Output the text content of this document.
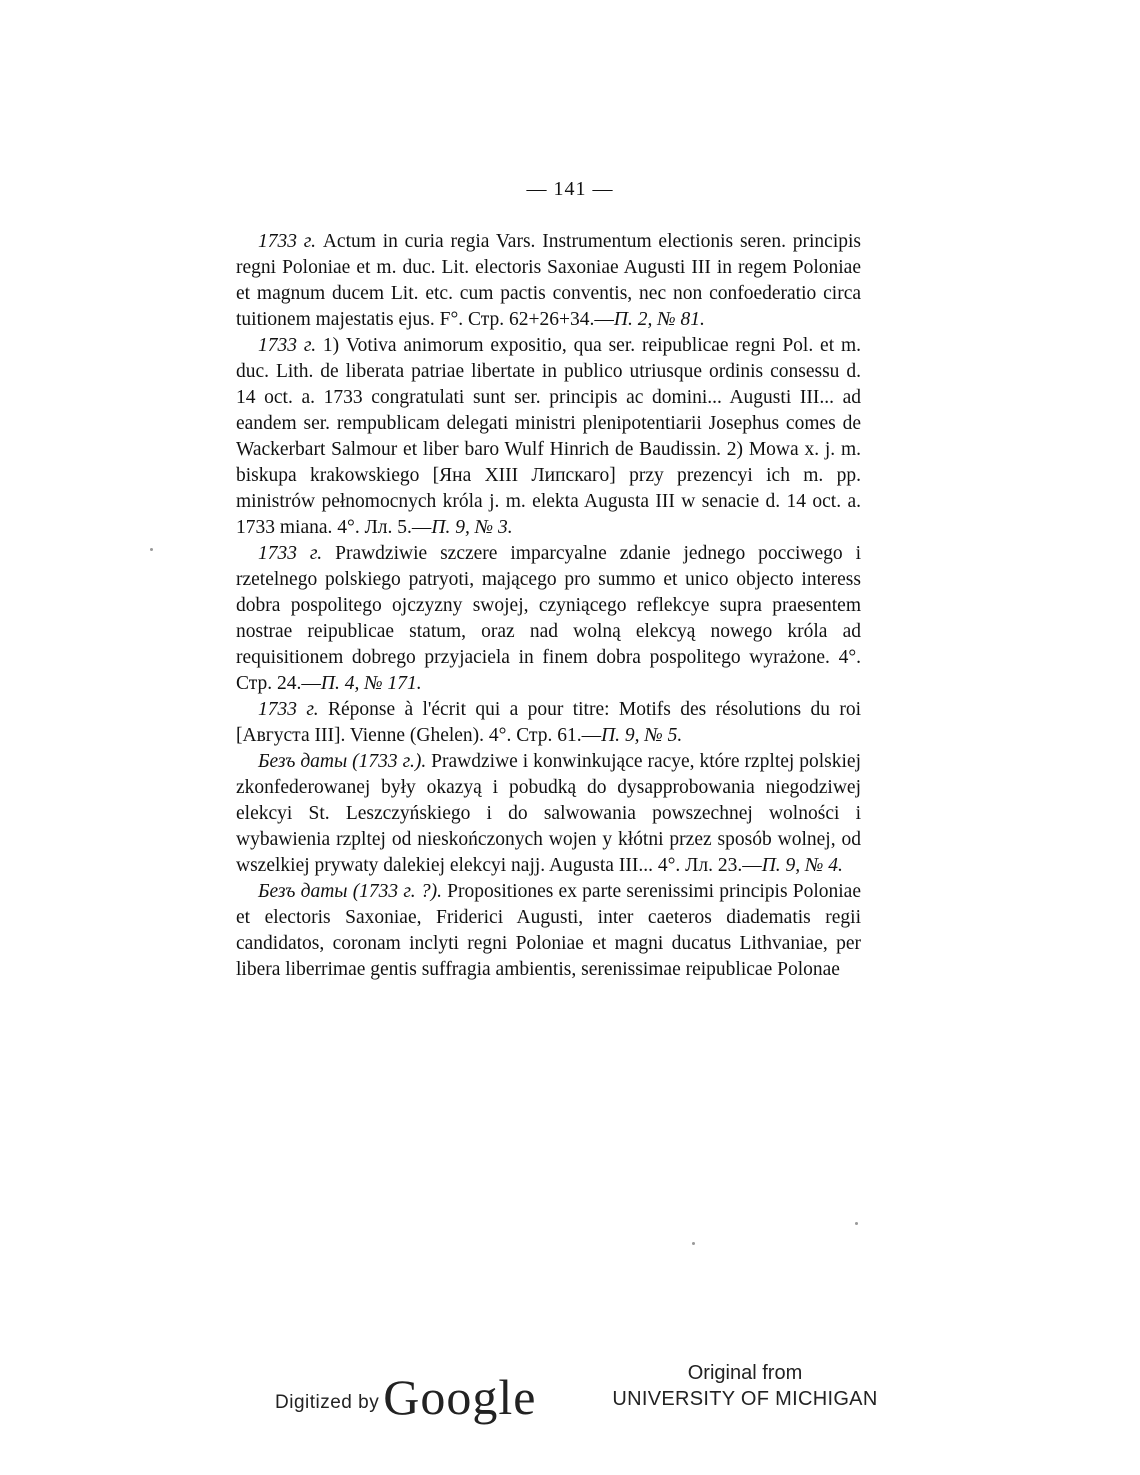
— 141 —

1733 г. Actum in curia regia Vars. Instrumentum electionis seren. principis regni Poloniae et m. duc. Lit. electoris Saxoniae Augusti III in regem Poloniae et magnum ducem Lit. etc. cum pactis conventis, nec non confoederatio circa tuitionem majestatis ejus. F°. Стр. 62+26+34.—П. 2, № 81.

1733 г. 1) Votiva animorum expositio, qua ser. reipublicae regni Pol. et m. duc. Lith. de liberata patriae libertate in publico utriusque ordinis consessu d. 14 oct. a. 1733 congratulati sunt ser. principis ac domini... Augusti III... ad eandem ser. rempublicam delegati ministri plenipotentiarii Josephus comes de Wackerbart Salmour et liber baro Wulf Hinrich de Baudissin. 2) Mowa x. j. m. biskupa krakowskiego [Яна XIII Липскаго] przy prezencyi ich m. pp. ministrów pełnomocnych króla j. m. elekta Augusta III w senacie d. 14 oct. a. 1733 miana. 4°. Лл. 5.—П. 9, № 3.

1733 г. Prawdziwie szczere imparcyalne zdanie jednego pocciwego i rzetelnego polskiego patryoti, mającego pro summo et unico objecto interess dobra pospolitego ojczyzny swojej, czyniącego reflekcye supra praesentem nostrae reipublicae statum, oraz nad wolną elekcyą nowego króla ad requisitionem dobrego przyjaciela in finem dobra pospolitego wyrażone. 4°. Стр. 24.—П. 4, № 171.

1733 г. Réponse à l'écrit qui a pour titre: Motifs des résolutions du roi [Августа III]. Vienne (Ghelen). 4°. Стр. 61.—П. 9, № 5.

Безъ даты (1733 г.). Prawdziwe i konwinkujące racye, które rzpltej polskiej zkonfederowanej były okazyą i pobudką do dysapprobowania niegodziwej elekcyi St. Leszczyńskiego i do salwowania powszechnej wolności i wybawienia rzpltej od nieskończonych wojen y kłótni przez sposób wolnej, od wszelkiej prywaty dalekiej elekcyi najj. Augusta III... 4°. Лл. 23.—П. 9, № 4.

Безъ даты (1733 г. ?). Propositiones ex parte serenissimi principis Poloniae et electoris Saxoniae, Friderici Augusti, inter caeteros diadematis regii candidatos, coronam inclyti regni Poloniae et magni ducatus Lithvaniae, per libera liberrimae gentis suffragia ambientis, serenissimae reipublicae Polonae

Digitized by Google	Original from
UNIVERSITY OF MICHIGAN
